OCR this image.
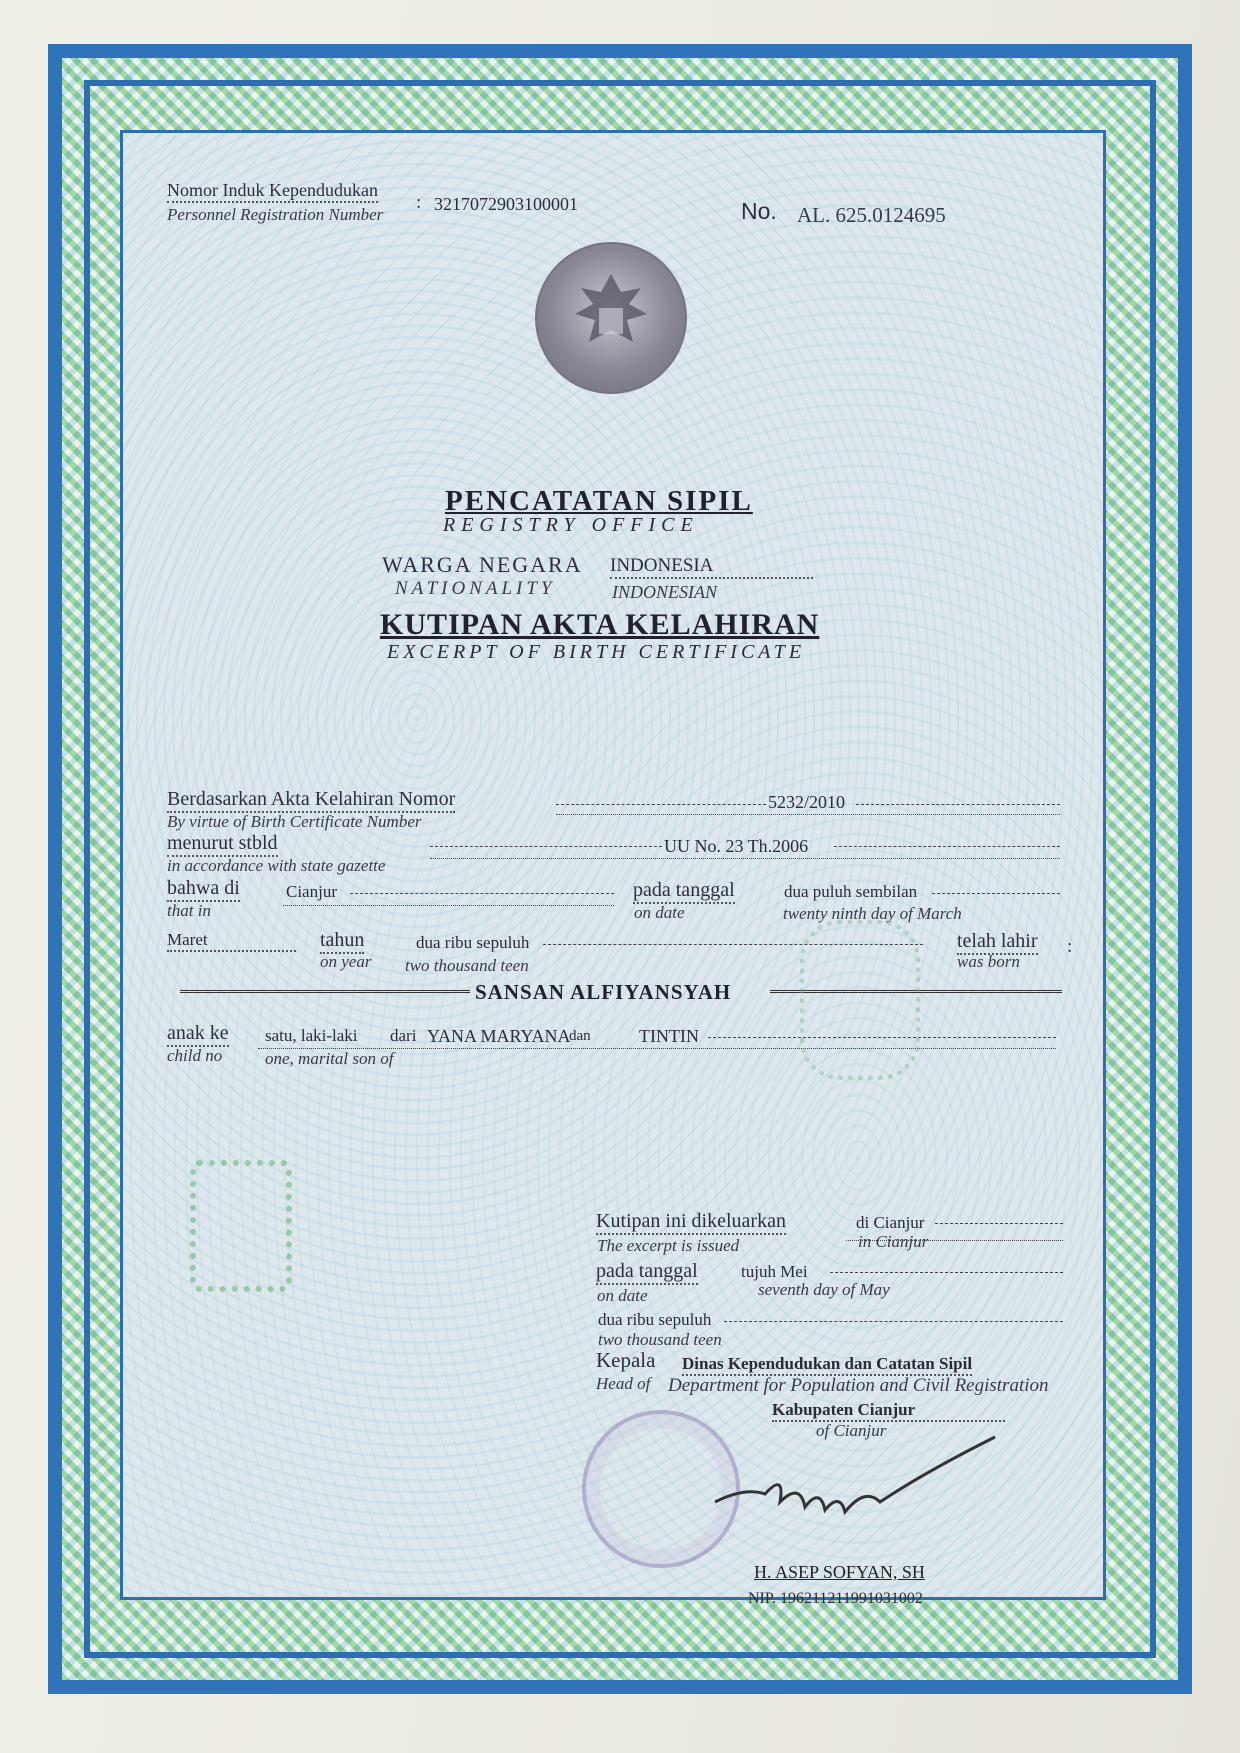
Nomor Induk Kependudukan
Personnel Registration Number
: 3217072903100001	No. AL. 625.0124695
PENCATATAN SIPIL
REGISTRY OFFICE
WARGA NEGARA INDONESIA
NATIONALITY	INDONESIAN
KUTIPAN AKTA KELAHIRAN
EXCERPT OF BIRTH CERTIFICATE
Berdasarkan Akta Kelahiran Nomor
By virtue of Birth Certificate Number
5232/2010
menurut stbld
in accordance with state gazette
UU No. 23 Th.2006
bahwa di
that in
Cianjur	pada tanggal
on date
dua puluh sembilan
twenty ninth day of March
Maret	tahun
on year
dua ribu sepuluh
two thousand teen
telah lahir
was born
:
SANSAN ALFIYANSYAH
anak ke
child no
satu, laki-laki dari YANA MARYANA
dan	TINTIN
one, marital son of
Kutipan ini dikeluarkan
The excerpt is issued
di Cianjur
in Cianjur
pada tanggal
on date
tujuh Mei
seventh day of May
dua ribu sepuluh
two thousand teen
Kepala
Head of
Dinas Kependudukan dan Catatan Sipil
Department for Population and Civil Registration
Kabupaten Cianjur
of Cianjur
H. ASEP SOFYAN, SH
NIP. 196211211991031002
